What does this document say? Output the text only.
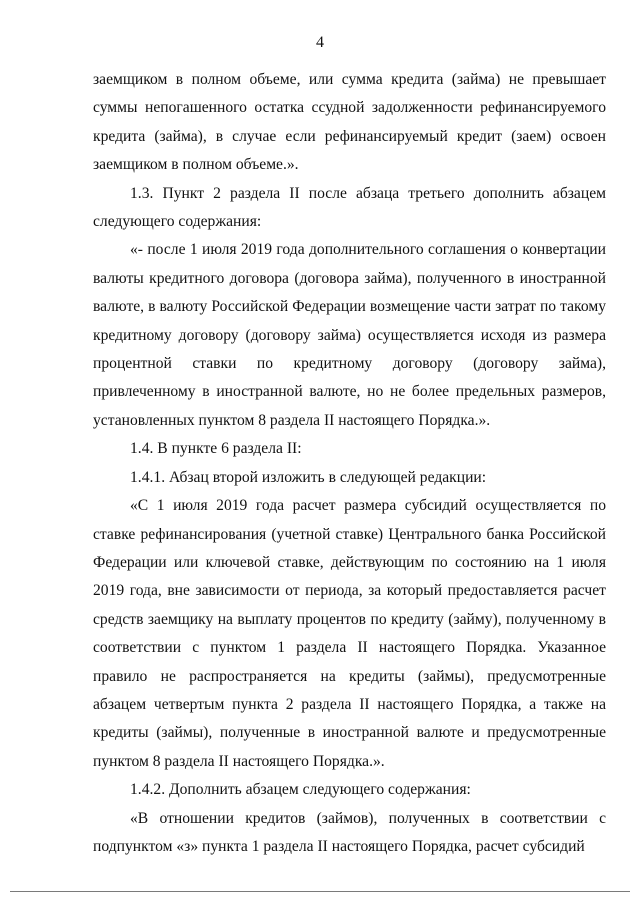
4

заемщиком в полном объеме, или сумма кредита (займа) не превышает суммы непогашенного остатка ссудной задолженности рефинансируемого кредита (займа), в случае если рефинансируемый кредит (заем) освоен заемщиком в полном объеме.».

1.3. Пункт 2 раздела II после абзаца третьего дополнить абзацем следующего содержания:

«- после 1 июля 2019 года дополнительного соглашения о конвертации валюты кредитного договора (договора займа), полученного в иностранной валюте, в валюту Российской Федерации возмещение части затрат по такому кредитному договору (договору займа) осуществляется исходя из размера процентной ставки по кредитному договору (договору займа), привлеченному в иностранной валюте, но не более предельных размеров, установленных пунктом 8 раздела II настоящего Порядка.».

1.4. В пункте 6 раздела II:

1.4.1. Абзац второй изложить в следующей редакции:

«С 1 июля 2019 года расчет размера субсидий осуществляется по ставке рефинансирования (учетной ставке) Центрального банка Российской Федерации или ключевой ставке, действующим по состоянию на 1 июля 2019 года, вне зависимости от периода, за который предоставляется расчет средств заемщику на выплату процентов по кредиту (займу), полученному в соответствии с пунктом 1 раздела II настоящего Порядка. Указанное правило не распространяется на кредиты (займы), предусмотренные абзацем четвертым пункта 2 раздела II настоящего Порядка, а также на кредиты (займы), полученные в иностранной валюте и предусмотренные пунктом 8 раздела II настоящего Порядка.».

1.4.2. Дополнить абзацем следующего содержания:

«В отношении кредитов (займов), полученных в соответствии с подпунктом «з» пункта 1 раздела II настоящего Порядка, расчет субсидий
